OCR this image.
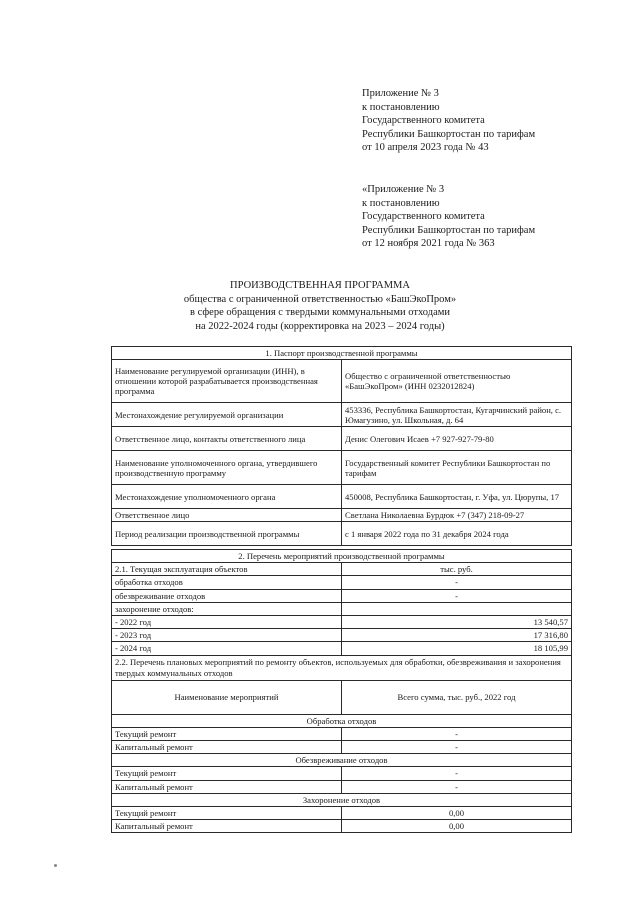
Приложение № 3
к постановлению
Государственного комитета
Республики Башкортостан по тарифам
от 10 апреля 2023 года № 43
«Приложение № 3
к постановлению
Государственного комитета
Республики Башкортостан по тарифам
от 12 ноября 2021 года № 363
ПРОИЗВОДСТВЕННАЯ ПРОГРАММА
общества с ограниченной ответственностью «БашЭкоПром»
в сфере обращения с твердыми коммунальными отходами
на 2022-2024 годы (корректировка на 2023 – 2024 годы)
1. Паспорт производственной программы	
Наименование регулируемой организации (ИНН), в отношении которой разрабатывается производственная программа	Общество с ограниченной ответственностью «БашЭкоПром» (ИНН 0232012824)
Местонахождение регулируемой организации	453336, Республика Башкортостан, Кугарчинский район, с. Юмагузино, ул. Школьная, д. 64
Ответственное лицо, контакты ответственного лица	Денис Олегович Исаев +7 927-927-79-80
Наименование уполномоченного органа, утвердившего производственную программу	Государственный комитет Республики Башкортостан по тарифам
Местонахождение уполномоченного органа	450008, Республика Башкортостан, г. Уфа, ул. Цюрупы, 17
Ответственное лицо	Светлана Николаевна Бурдюк +7 (347) 218-09-27
Период реализации производственной программы	с 1 января 2022 года по 31 декабря 2024 года
2. Перечень мероприятий производственной программы	
2.1. Текущая эксплуатация объектов	тыс. руб.
обработка отходов	-
обезвреживание отходов	-
захоронение отходов:	
- 2022 год	13 540,57
- 2023 год	17 316,80
- 2024 год	18 105,99
2.2. Перечень плановых мероприятий по ремонту объектов, используемых для обработки, обезвреживания и захоронения твердых коммунальных отходов	
Наименование мероприятий	Всего сумма, тыс. руб., 2022 год
Обработка отходов	
Текущий ремонт	-
Капитальный ремонт	-
Обезвреживание отходов	
Текущий ремонт	-
Капитальный ремонт	-
Захоронение отходов	
Текущий ремонт	0,00
Капитальный ремонт	0,00
